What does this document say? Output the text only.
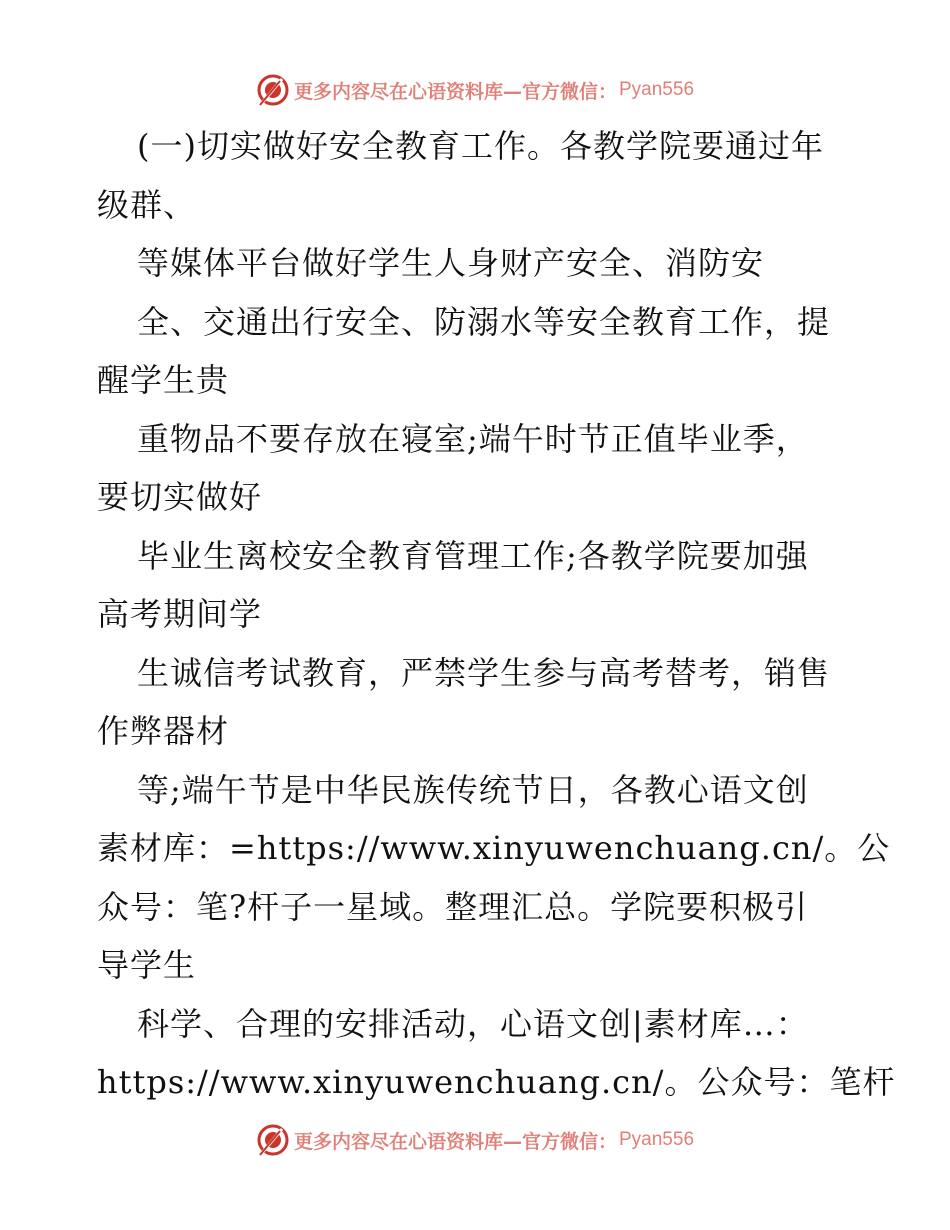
更多内容尽在心语资料库—官方微信： Pyan556
(一)切实做好安全教育工作。各教学院要通过年
级群、
等媒体平台做好学生人身财产安全、消防安
全、交通出行安全、防溺水等安全教育工作，提
醒学生贵
重物品不要存放在寝室;端午时节正值毕业季，
要切实做好
毕业生离校安全教育管理工作;各教学院要加强
高考期间学
生诚信考试教育，严禁学生参与高考替考，销售
作弊器材
等;端午节是中华民族传统节日，各教心语文创
素材库：=https://www.xinyuwenchuang.cn/。公
众号：笔?杆子一星域。整理汇总。学院要积极引
导学生
科学、合理的安排活动，心语文创|素材库…：
https://www.xinyuwenchuang.cn/。公众号：笔杆
更多内容尽在心语资料库—官方微信： Pyan556
